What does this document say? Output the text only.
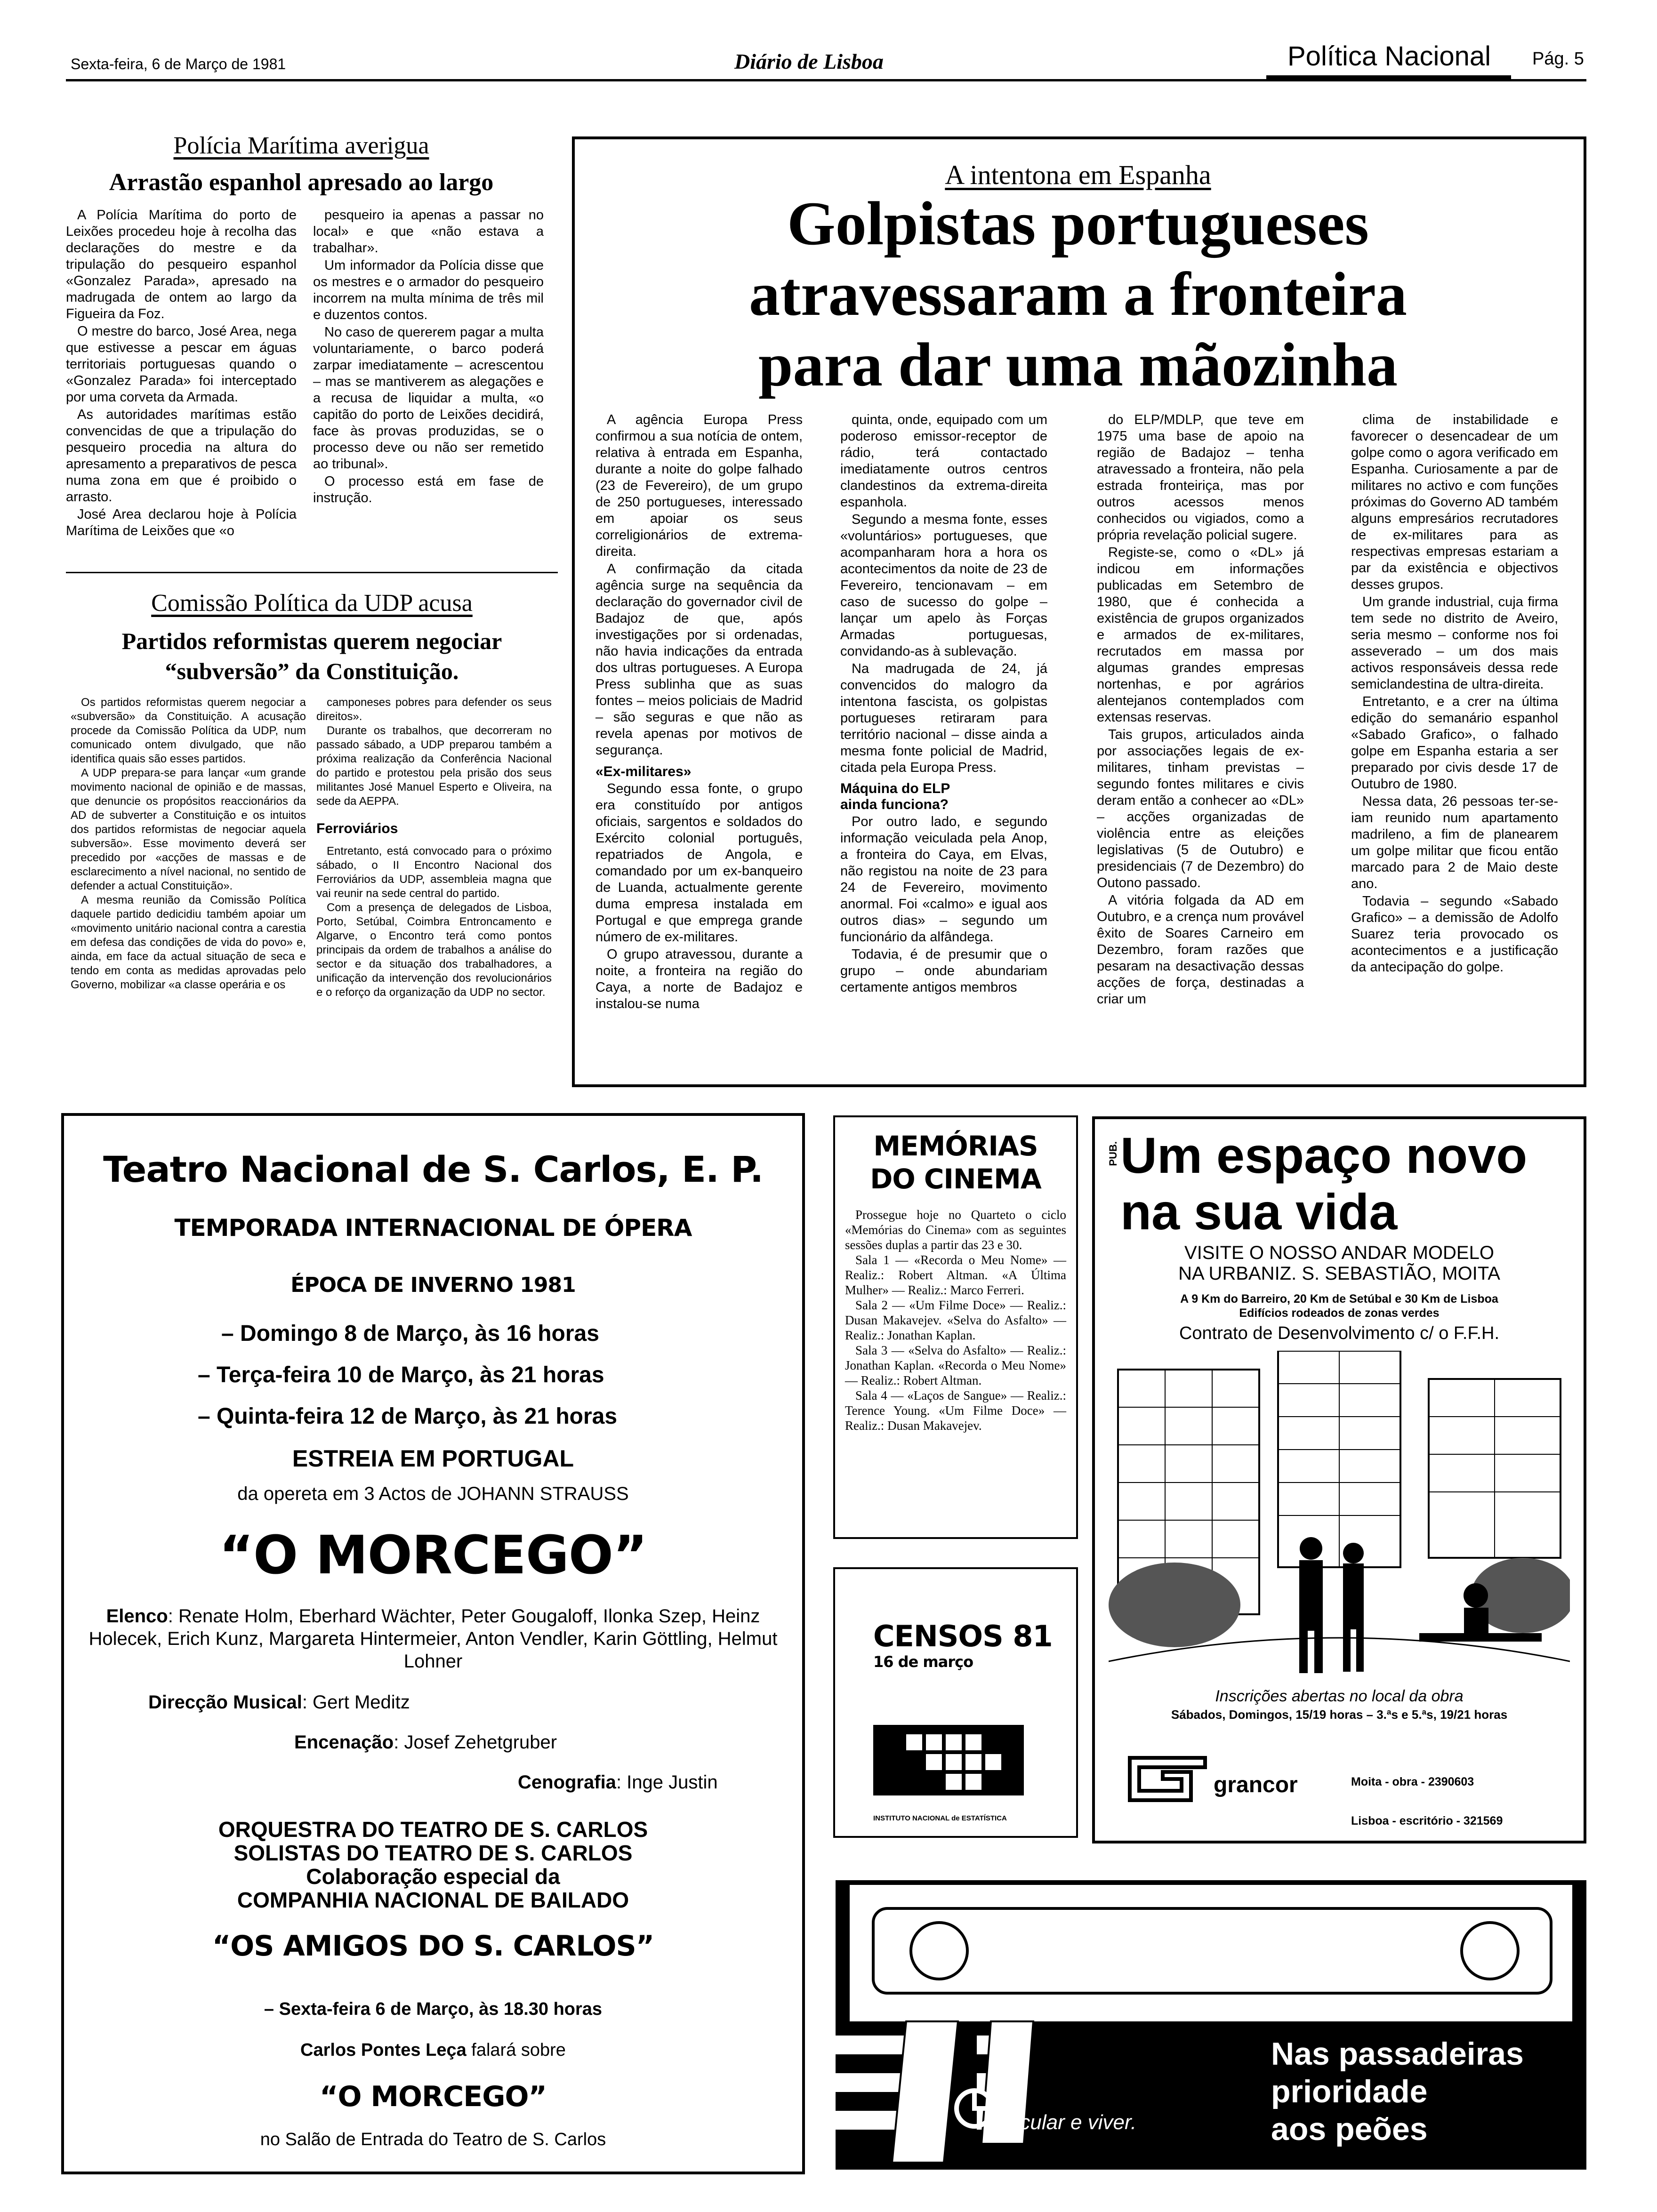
Sexta-feira, 6 de Março de 1981	Diário de Lisboa	Política Nacional Pág. 5
Polícia Marítima averigua
Arrastão espanhol apresado ao largo

A Polícia Marítima do porto de Leixões procedeu hoje à recolha das declarações do mestre e da tripulação do pesqueiro espanhol «Gonzalez Parada», apresado na madrugada de ontem ao largo da Figueira da Foz.

O mestre do barco, José Area, nega que estivesse a pescar em águas territoriais portuguesas quando o «Gonzalez Parada» foi interceptado por uma corveta da Armada.

As autoridades marítimas estão convencidas de que a tripulação do pesqueiro procedia na altura do apresamento a preparativos de pesca numa zona em que é proibido o arrasto.

José Area declarou hoje à Polícia Marítima de Leixões que «o

pesqueiro ia apenas a passar no local» e que «não estava a trabalhar».

Um informador da Polícia disse que os mestres e o armador do pesqueiro incorrem na multa mínima de três mil e duzentos contos.

No caso de quererem pagar a multa voluntariamente, o barco poderá zarpar imediatamente – acrescentou – mas se mantiverem as alegações e a recusa de liquidar a multa, «o capitão do porto de Leixões decidirá, face às provas produzidas, se o processo deve ou não ser remetido ao tribunal».

O processo está em fase de instrução.

Comissão Política da UDP acusa
Partidos reformistas querem negociar
“subversão” da Constituição.

Os partidos reformistas querem negociar a «subversão» da Constituição. A acusação procede da Comissão Política da UDP, num comunicado ontem divulgado, que não identifica quais são esses partidos.

A UDP prepara-se para lançar «um grande movimento nacional de opinião e de massas, que denuncie os propósitos reaccionários da AD de subverter a Constituição e os intuitos dos partidos reformistas de negociar aquela subversão». Esse movimento deverá ser precedido por «acções de massas e de esclarecimento a nível nacional, no sentido de defender a actual Constituição».

A mesma reunião da Comissão Política daquele partido dedicidiu também apoiar um «movimento unitário nacional contra a carestia em defesa das condições de vida do povo» e, ainda, em face da actual situação de seca e tendo em conta as medidas aprovadas pelo Governo, mobilizar «a classe operária e os

camponeses pobres para defender os seus direitos».

Durante os trabalhos, que decorreram no passado sábado, a UDP preparou também a próxima realização da Conferência Nacional do partido e protestou pela prisão dos seus militantes José Manuel Esperto e Oliveira, na sede da AEPPA.

Ferroviários

Entretanto, está convocado para o próximo sábado, o II Encontro Nacional dos Ferroviários da UDP, assembleia magna que vai reunir na sede central do partido.

Com a presença de delegados de Lisboa, Porto, Setúbal, Coimbra Entroncamento e Algarve, o Encontro terá como pontos principais da ordem de trabalhos a análise do sector e da situação dos trabalhadores, a unificação da intervenção dos revolucionários e o reforço da organização da UDP no sector.

A intentona em Espanha
Golpistas portugueses
atravessaram a fronteira
para dar uma mãozinha

A agência Europa Press confirmou a sua notícia de ontem, relativa à entrada em Espanha, durante a noite do golpe falhado (23 de Fevereiro), de um grupo de 250 portugueses, interessado em apoiar os seus correligionários de extrema-direita.

A confirmação da citada agência surge na sequência da declaração do governador civil de Badajoz de que, após investigações por si ordenadas, não havia indicações da entrada dos ultras portugueses. A Europa Press sublinha que as suas fontes – meios policiais de Madrid – são seguras e que não as revela apenas por motivos de segurança.

«Ex-militares»

Segundo essa fonte, o grupo era constituído por antigos oficiais, sargentos e soldados do Exército colonial português, repatriados de Angola, e comandado por um ex-banqueiro de Luanda, actualmente gerente duma empresa instalada em Portugal e que emprega grande número de ex-militares.

O grupo atravessou, durante a noite, a fronteira na região do Caya, a norte de Badajoz e instalou-se numa

quinta, onde, equipado com um poderoso emissor-receptor de rádio, terá contactado imediatamente outros centros clandestinos da extrema-direita espanhola.

Segundo a mesma fonte, esses «voluntários» portugueses, que acompanharam hora a hora os acontecimentos da noite de 23 de Fevereiro, tencionavam – em caso de sucesso do golpe – lançar um apelo às Forças Armadas portuguesas, convidando-as à sublevação.

Na madrugada de 24, já convencidos do malogro da intentona fascista, os golpistas portugueses retiraram para território nacional – disse ainda a mesma fonte policial de Madrid, citada pela Europa Press.

Máquina do ELP
ainda funciona?

Por outro lado, e segundo informação veiculada pela Anop, a fronteira do Caya, em Elvas, não registou na noite de 23 para 24 de Fevereiro, movimento anormal. Foi «calmo» e igual aos outros dias» – segundo um funcionário da alfândega.

Todavia, é de presumir que o grupo – onde abundariam certamente antigos membros

do ELP/MDLP, que teve em 1975 uma base de apoio na região de Badajoz – tenha atravessado a fronteira, não pela estrada fronteiriça, mas por outros acessos menos conhecidos ou vigiados, como a própria revelação policial sugere.

Registe-se, como o «DL» já indicou em informações publicadas em Setembro de 1980, que é conhecida a existência de grupos organizados e armados de ex-militares, recrutados em massa por algumas grandes empresas nortenhas, e por agrários alentejanos contemplados com extensas reservas.

Tais grupos, articulados ainda por associações legais de ex-militares, tinham previstas – segundo fontes militares e civis deram então a conhecer ao «DL» – acções organizadas de violência entre as eleições legislativas (5 de Outubro) e presidenciais (7 de Dezembro) do Outono passado.

A vitória folgada da AD em Outubro, e a crença num provável êxito de Soares Carneiro em Dezembro, foram razões que pesaram na desactivação dessas acções de força, destinadas a criar um

clima de instabilidade e favorecer o desencadear de um golpe como o agora verificado em Espanha. Curiosamente a par de militares no activo e com funções próximas do Governo AD também alguns empresários recrutadores de ex-militares para as respectivas empresas estariam a par da existência e objectivos desses grupos.

Um grande industrial, cuja firma tem sede no distrito de Aveiro, seria mesmo – conforme nos foi asseverado – um dos mais activos responsáveis dessa rede semiclandestina de ultra-direita.

Entretanto, e a crer na última edição do semanário espanhol «Sabado Grafico», o falhado golpe em Espanha estaria a ser preparado por civis desde 17 de Outubro de 1980.

Nessa data, 26 pessoas ter-se-iam reunido num apartamento madrileno, a fim de planearem um golpe militar que ficou então marcado para 2 de Maio deste ano.

Todavia – segundo «Sabado Grafico» – a demissão de Adolfo Suarez teria provocado os acontecimentos e a justificação da antecipação do golpe.

Teatro Nacional de S. Carlos, E. P.
TEMPORADA INTERNACIONAL DE ÓPERA
ÉPOCA DE INVERNO 1981
– Domingo 8 de Março, às 16 horas
– Terça-feira 10 de Março, às 21 horas
– Quinta-feira 12 de Março, às 21 horas
ESTREIA EM PORTUGAL
da opereta em 3 Actos de JOHANN STRAUSS
“O MORCEGO”
Elenco: Renate Holm, Eberhard Wächter, Peter Gougaloff, Ilonka Szep, Heinz Holecek, Erich Kunz, Margareta Hintermeier, Anton Vendler, Karin Göttling, Helmut Lohner
Direcção Musical: Gert Meditz
Encenação: Josef Zehetgruber
Cenografia: Inge Justin
ORQUESTRA DO TEATRO DE S. CARLOS
SOLISTAS DO TEATRO DE S. CARLOS
Colaboração especial da
COMPANHIA NACIONAL DE BAILADO
“OS AMIGOS DO S. CARLOS”
– Sexta-feira 6 de Março, às 18.30 horas
Carlos Pontes Leça falará sobre
“O MORCEGO”
no Salão de Entrada do Teatro de S. Carlos
MEMÓRIAS
DO CINEMA

Prossegue hoje no Quarteto o ciclo «Memórias do Cinema» com as seguintes sessões duplas a partir das 23 e 30.

Sala 1 — «Recorda o Meu Nome» — Realiz.: Robert Altman. «A Última Mulher» — Realiz.: Marco Ferreri.

Sala 2 — «Um Filme Doce» — Realiz.: Dusan Makavejev. «Selva do Asfalto» — Realiz.: Jonathan Kaplan.

Sala 3 — «Selva do Asfalto» — Realiz.: Jonathan Kaplan. «Recorda o Meu Nome» — Realiz.: Robert Altman.

Sala 4 — «Laços de Sangue» — Realiz.: Terence Young. «Um Filme Doce» — Realiz.: Dusan Makavejev.

CENSOS 81
16 de março
INSTITUTO NACIONAL de ESTATÍSTICA
PUB. Um espaço novo
na sua vida
VISITE O NOSSO ANDAR MODELO
NA URBANIZ. S. SEBASTIÃO, MOITA
A 9 Km do Barreiro, 20 Km de Setúbal e 30 Km de Lisboa
Edifícios rodeados de zonas verdes
Contrato de Desenvolvimento c/ o F.F.H.
Inscrições abertas no local da obra
Sábados, Domingos, 15/19 horas – 3.ªs e 5.ªs, 19/21 horas
grancor	Moita - obra - 2390603
Lisboa - escritório - 321569
Nas passadeiras
prioridade
aos peões
circular e viver.
